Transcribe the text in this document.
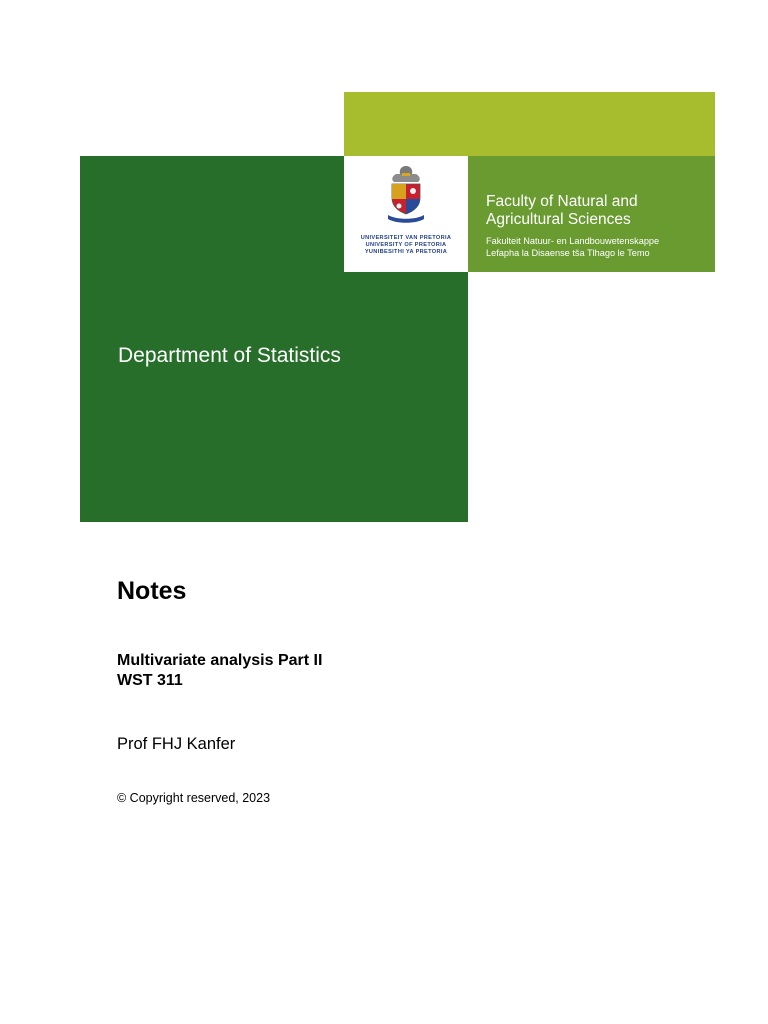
UNIVERSITEIT VAN PRETORIA
UNIVERSITY OF PRETORIA
YUNIBESITHI YA PRETORIA
Faculty of Natural and
Agricultural Sciences
Fakulteit Natuur- en Landbouwetenskappe
Lefapha la Disaense tša Tlhago le Temo
Department of Statistics
Notes
Multivariate analysis Part II
WST 311
Prof FHJ Kanfer
© Copyright reserved, 2023
